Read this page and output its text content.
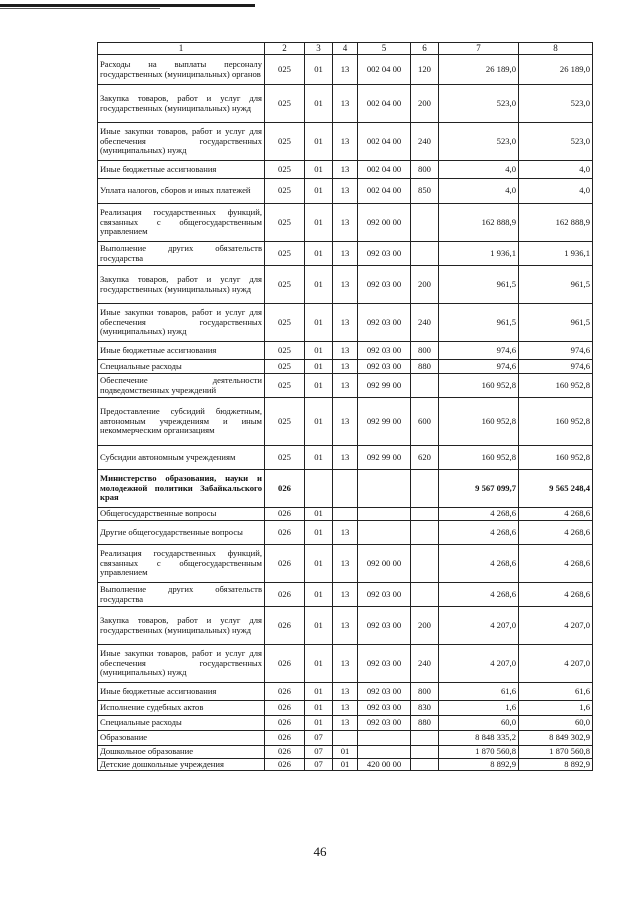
1	2	3	4	5	6	7	8
Расходы на выплаты персоналу государственных (муниципальных) органов	025	01	13	002 04 00	120	26 189,0	26 189,0
Закупка товаров, работ и услуг для государственных (муниципальных) нужд	025	01	13	002 04 00	200	523,0	523,0
Иные закупки товаров, работ и услуг для обеспечения государственных (муниципальных) нужд	025	01	13	002 04 00	240	523,0	523,0
Иные бюджетные ассигнования	025	01	13	002 04 00	800	4,0	4,0
Уплата налогов, сборов и иных платежей	025	01	13	002 04 00	850	4,0	4,0
Реализация государственных функций, связанных с общегосударственным управлением	025	01	13	092 00 00		162 888,9	162 888,9
Выполнение других обязательств государства	025	01	13	092 03 00		1 936,1	1 936,1
Закупка товаров, работ и услуг для государственных (муниципальных) нужд	025	01	13	092 03 00	200	961,5	961,5
Иные закупки товаров, работ и услуг для обеспечения государственных (муниципальных) нужд	025	01	13	092 03 00	240	961,5	961,5
Иные бюджетные ассигнования	025	01	13	092 03 00	800	974,6	974,6
Специальные расходы	025	01	13	092 03 00	880	974,6	974,6
Обеспечение деятельности подведомственных учреждений	025	01	13	092 99 00		160 952,8	160 952,8
Предоставление субсидий бюджетным, автономным учреждениям и иным некоммерческим организациям	025	01	13	092 99 00	600	160 952,8	160 952,8
Субсидии автономным учреждениям	025	01	13	092 99 00	620	160 952,8	160 952,8
Министерство образования, науки и молодежной политики Забайкальского края	026					9 567 099,7	9 565 248,4
Общегосударственные вопросы	026	01				4 268,6	4 268,6
Другие общегосударственные вопросы	026	01	13			4 268,6	4 268,6
Реализация государственных функций, связанных с общегосударственным управлением	026	01	13	092 00 00		4 268,6	4 268,6
Выполнение других обязательств государства	026	01	13	092 03 00		4 268,6	4 268,6
Закупка товаров, работ и услуг для государственных (муниципальных) нужд	026	01	13	092 03 00	200	4 207,0	4 207,0
Иные закупки товаров, работ и услуг для обеспечения государственных (муниципальных) нужд	026	01	13	092 03 00	240	4 207,0	4 207,0
Иные бюджетные ассигнования	026	01	13	092 03 00	800	61,6	61,6
Исполнение судебных актов	026	01	13	092 03 00	830	1,6	1,6
Специальные расходы	026	01	13	092 03 00	880	60,0	60,0
Образование	026	07				8 848 335,2	8 849 302,9
Дошкольное образование	026	07	01			1 870 560,8	1 870 560,8
Детские дошкольные учреждения	026	07	01	420 00 00		8 892,9	8 892,9
46
